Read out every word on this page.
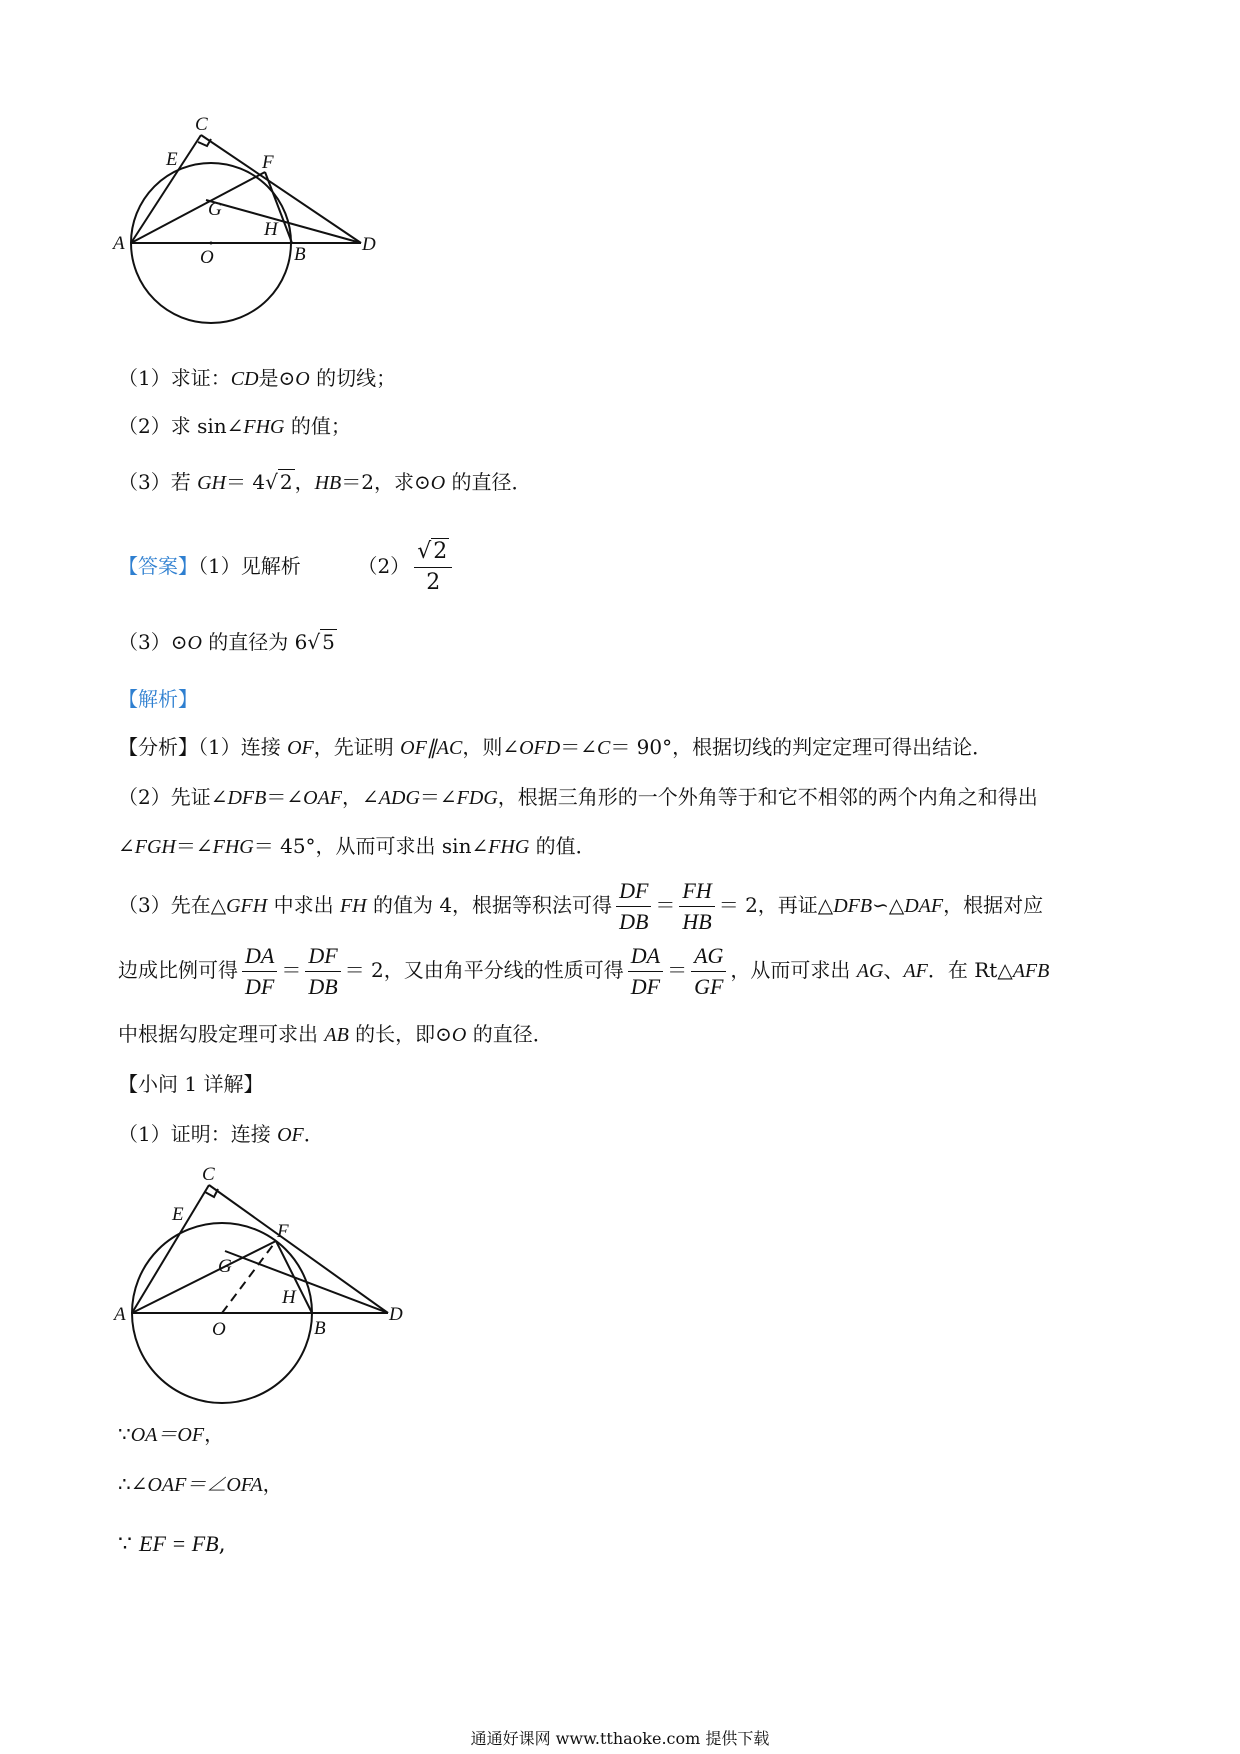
C
E	F
G
H
A
O	B	D
（1）求证：CD是⊙O 的切线；
（2）求 sin∠FHG 的值；
（3）若 GH＝ 4√ 2 ，HB＝2，求⊙O 的直径．
【答案】（1）见解析	$(2) \frac{√2}{2}$
（3）⊙O 的直径为 6√ 5
【解析】
【分析】（1）连接 OF，先证明 OF∥AC，则∠OFD＝∠C＝ 90°，根据切线的判定定理可得出结论．
（2）先证∠DFB＝∠OAF，∠ADG＝∠FDG，根据三角形的一个外角等于和它不相邻的两个内角之和得出
∠FGH＝∠FHG＝ 45°，从而可求出 sin∠FHG 的值．
（3）先在△GFH 中求出 FH 的值为 4，根据等积法可得 $\frac{DF}{DB} = \frac{FH}{HB} = 2$，再证△DFB∽△DAF，根据对应
边成比例可得 $\frac{DA}{DF} = \frac{DF}{DB} = 2$，又由角平分线的性质可得 $\frac{DA}{DF} = \frac{AG}{GF}$ ，从而可求出 AG、AF．在 Rt△AFB
中根据勾股定理可求出 AB 的长，即⊙O 的直径．
【小问 1 详解】
（1）证明：连接 OF．
C
E
F
G
H
A
O	B
D
∵OA＝OF，
∴∠OAF＝∠OFA，
∵ EF = FB,
通通好课网 www.tthaoke.com 提供下载
